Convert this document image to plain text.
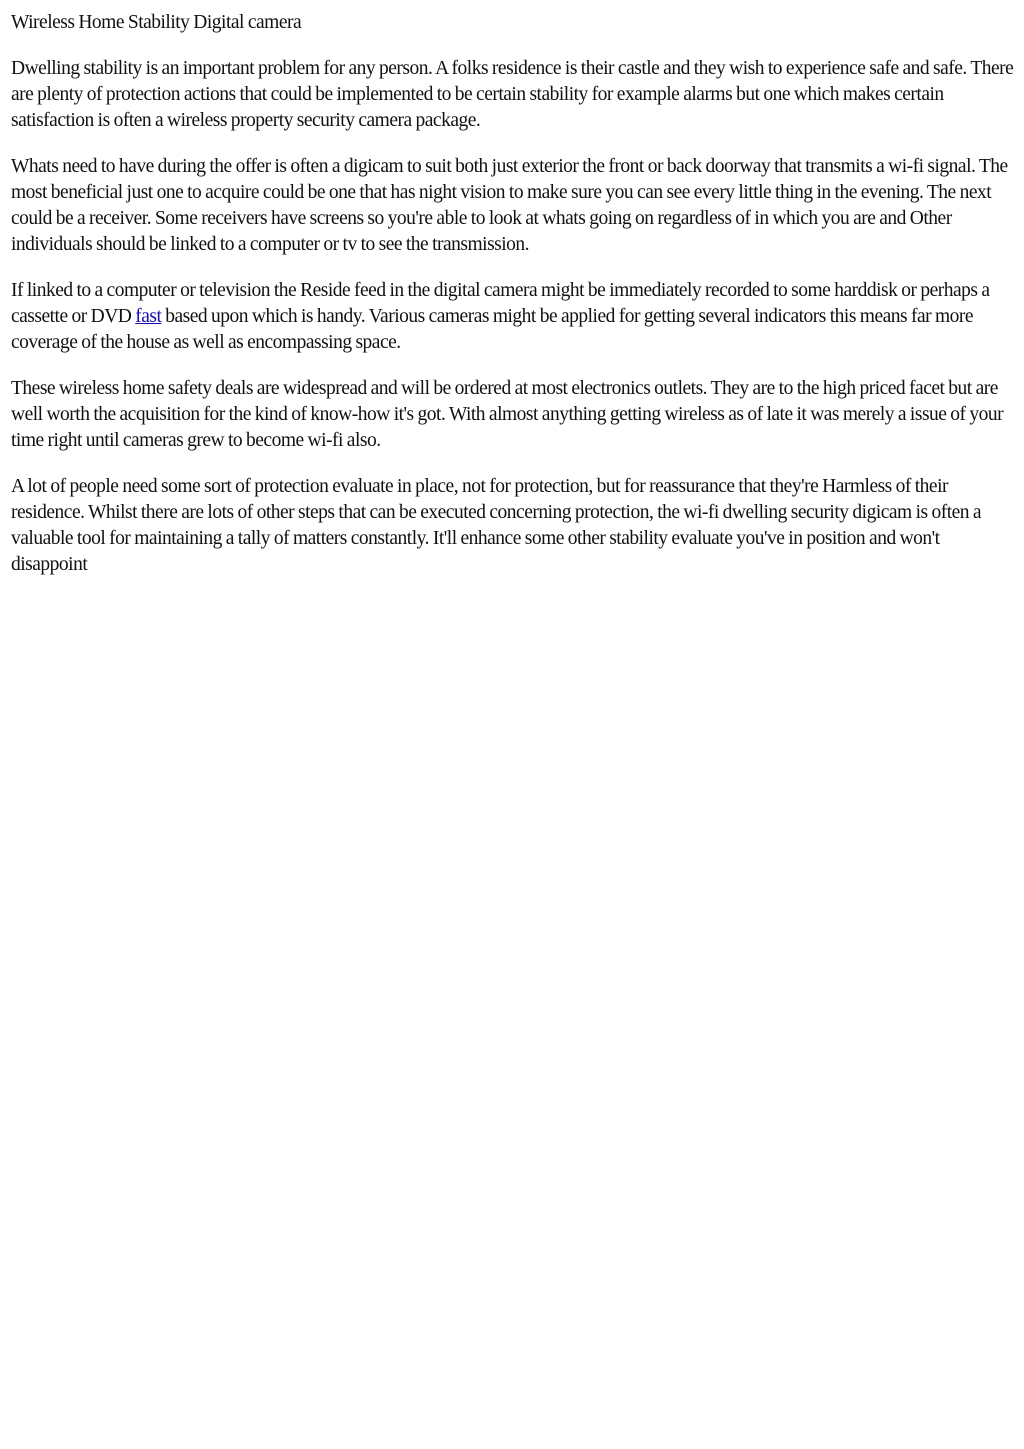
Wireless Home Stability Digital camera

Dwelling stability is an important problem for any person. A folks residence is their castle and they wish to experience safe and safe. There are plenty of protection actions that could be implemented to be certain stability for example alarms but one which makes certain satisfaction is often a wireless property security camera package.

Whats need to have during the offer is often a digicam to suit both just exterior the front or back doorway that transmits a wi-fi signal. The most beneficial just one to acquire could be one that has night vision to make sure you can see every little thing in the evening. The next could be a receiver. Some receivers have screens so you're able to look at whats going on regardless of in which you are and Other individuals should be linked to a computer or tv to see the transmission.

If linked to a computer or television the Reside feed in the digital camera might be immediately recorded to some harddisk or perhaps a cassette or DVD fast based upon which is handy. Various cameras might be applied for getting several indicators this means far more coverage of the house as well as encompassing space.

These wireless home safety deals are widespread and will be ordered at most electronics outlets. They are to the high priced facet but are well worth the acquisition for the kind of know-how it's got. With almost anything getting wireless as of late it was merely a issue of your time right until cameras grew to become wi-fi also.

A lot of people need some sort of protection evaluate in place, not for protection, but for reassurance that they're Harmless of their residence. Whilst there are lots of other steps that can be executed concerning protection, the wi-fi dwelling security digicam is often a valuable tool for maintaining a tally of matters constantly. It'll enhance some other stability evaluate you've in position and won't disappoint
